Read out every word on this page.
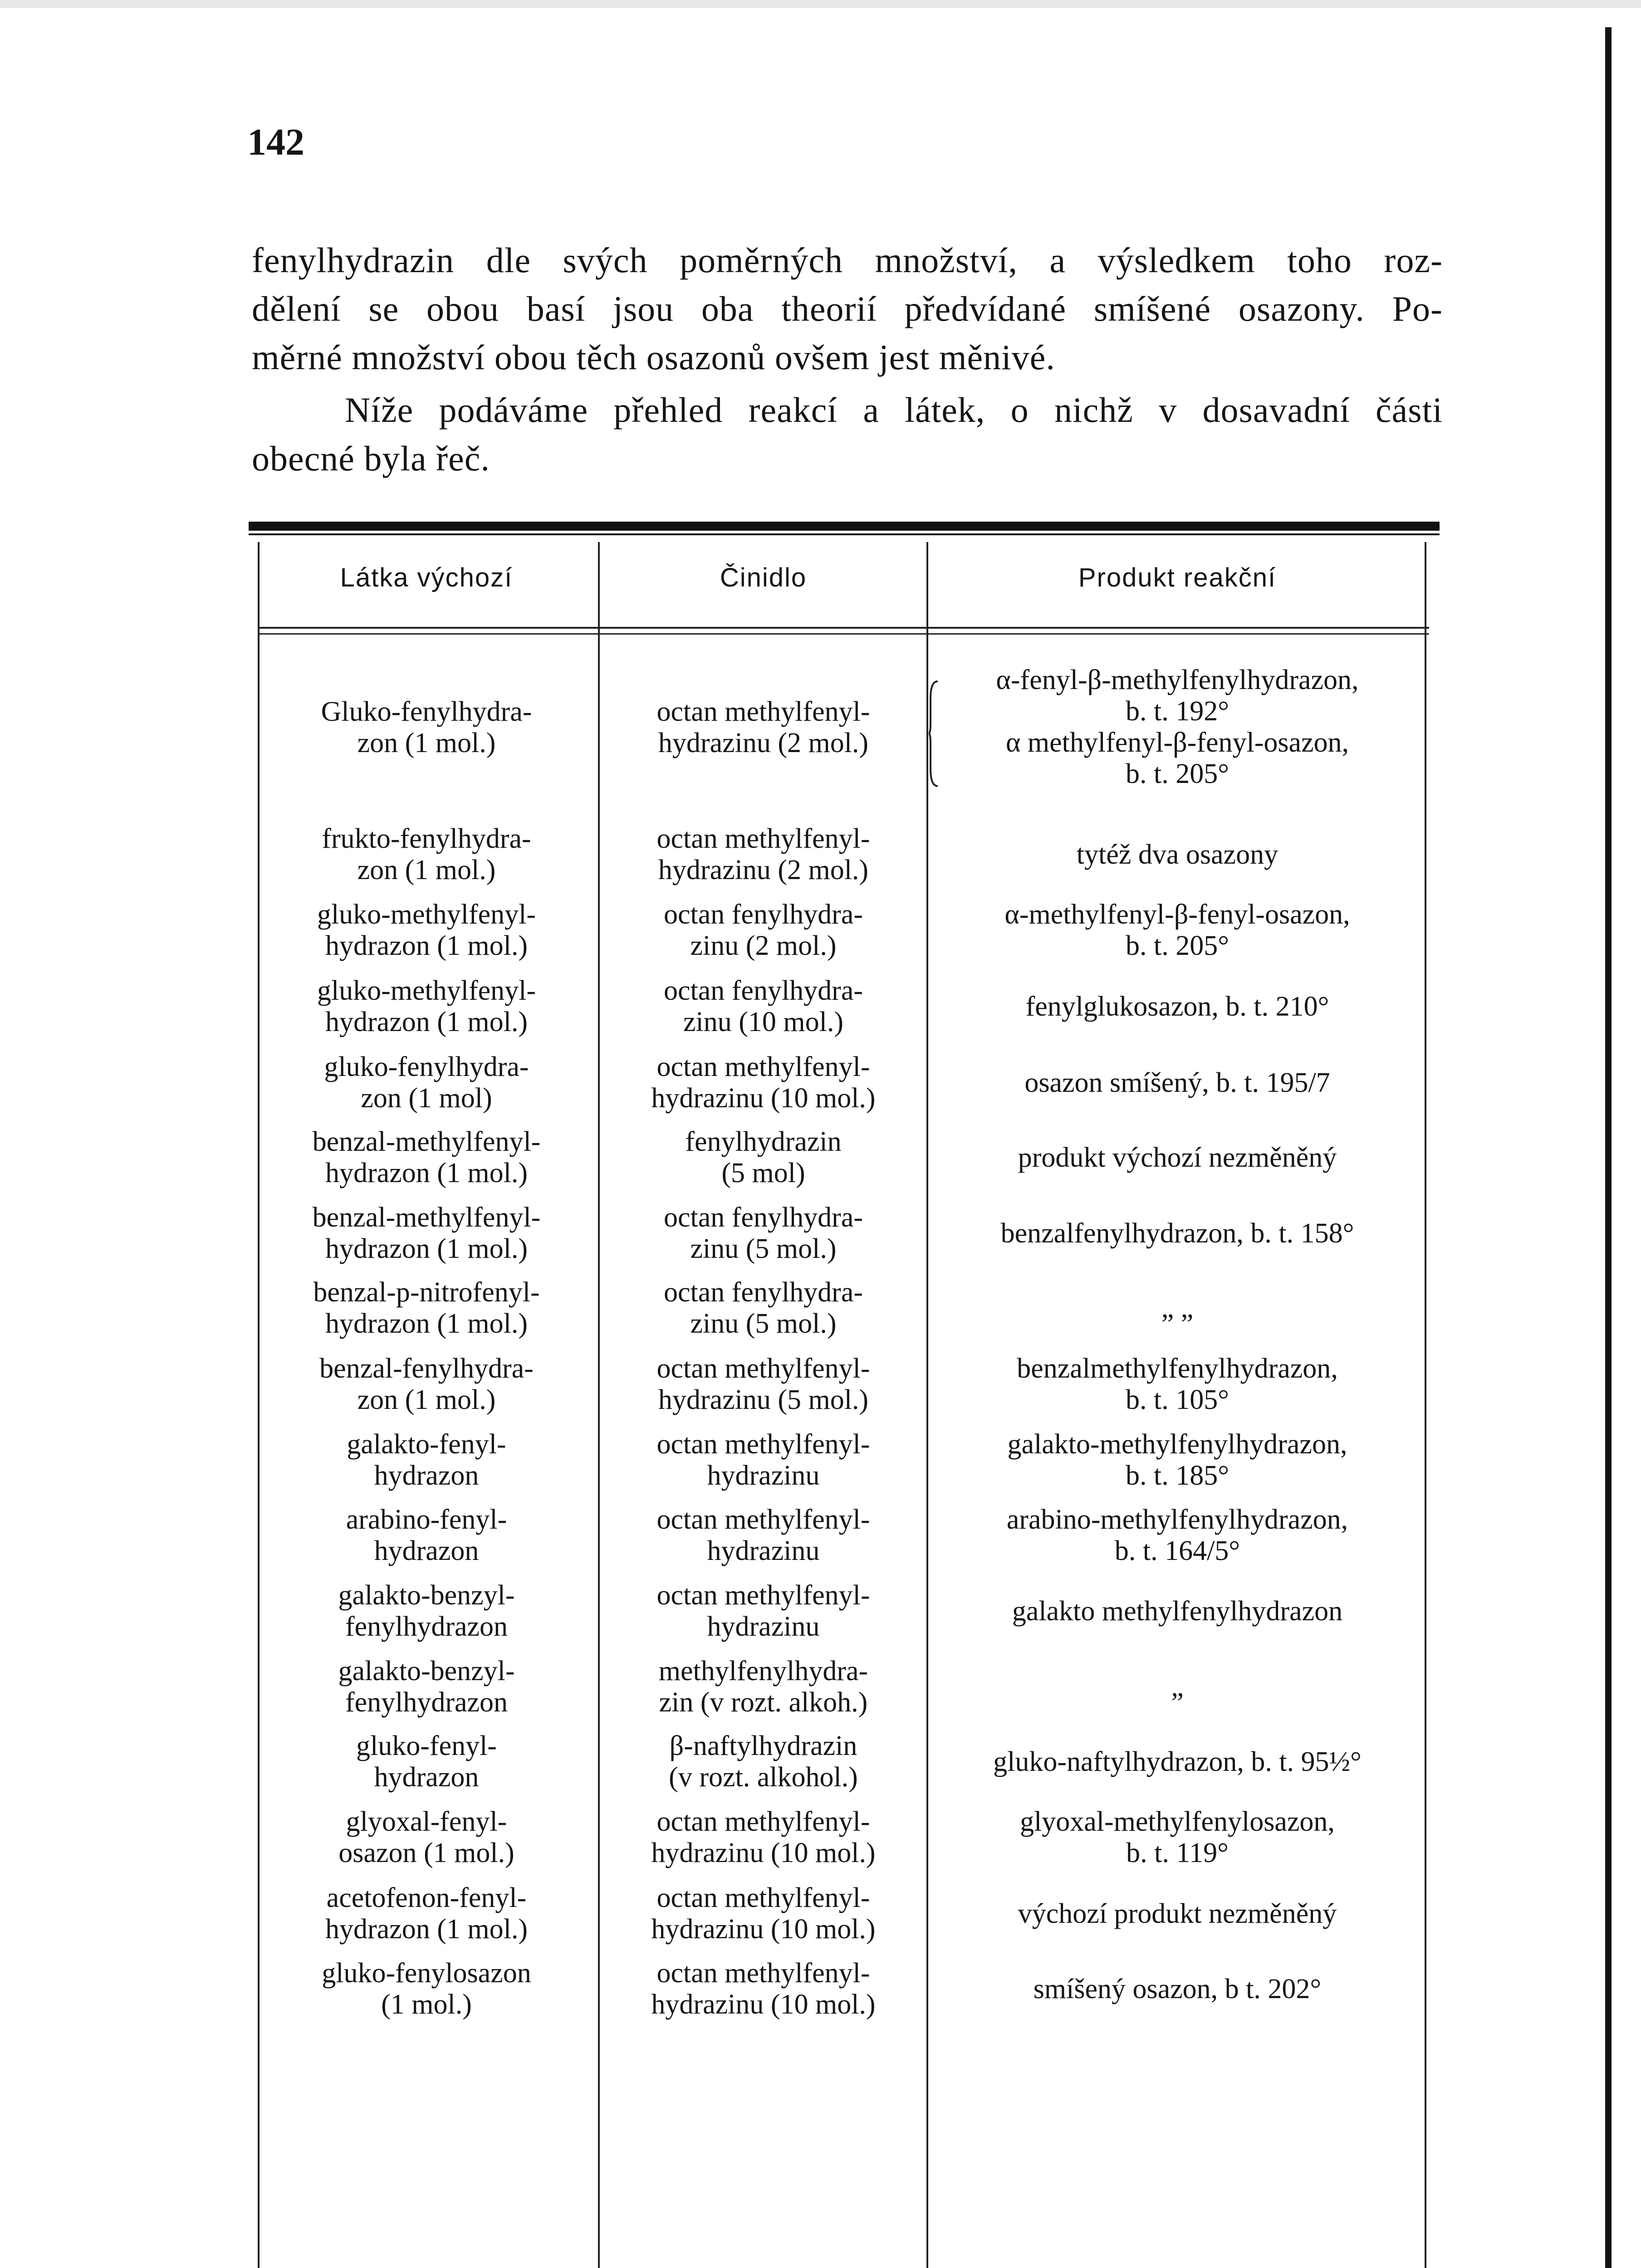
142
fenylhydrazin dle svých poměrných množství, a výsledkem toho roz-
dělení se obou basí jsou oba theorií předvídané smíšené osazony. Po-
měrné množství obou těch osazonů ovšem jest měnivé.
Níže podáváme přehled reakcí a látek, o nichž v dosavadní části
obecné byla řeč.
Látka výchozí	Činidlo	Produkt reakční
Gluko-fenylhydra-
zon (1 mol.)
octan methylfenyl-
hydrazinu (2 mol.)
α-fenyl-β-methylfenylhydrazon,
b. t. 192°
α methylfenyl-β-fenyl-osazon,
b. t. 205°
frukto-fenylhydra-
zon (1 mol.)
octan methylfenyl-
hydrazinu (2 mol.)
tytéž dva osazony
gluko-methylfenyl-
hydrazon (1 mol.)
octan fenylhydra-
zinu (2 mol.)
α-methylfenyl-β-fenyl-osazon,
b. t. 205°
gluko-methylfenyl-
hydrazon (1 mol.)
octan fenylhydra-
zinu (10 mol.)
fenylglukosazon, b. t. 210°
gluko-fenylhydra-
zon (1 mol)
octan methylfenyl-
hydrazinu (10 mol.)
osazon smíšený, b. t. 195/7
benzal-methylfenyl-
hydrazon (1 mol.)
fenylhydrazin
(5 mol)
produkt výchozí nezměněný
benzal-methylfenyl-
hydrazon (1 mol.)
octan fenylhydra-
zinu (5 mol.)
benzalfenylhydrazon, b. t. 158°
benzal-p-nitrofenyl-
hydrazon (1 mol.)
octan fenylhydra-
zinu (5 mol.)
„ „
benzal-fenylhydra-
zon (1 mol.)
octan methylfenyl-
hydrazinu (5 mol.)
benzalmethylfenylhydrazon,
b. t. 105°
galakto-fenyl-
hydrazon
octan methylfenyl-
hydrazinu
galakto-methylfenylhydrazon,
b. t. 185°
arabino-fenyl-
hydrazon
octan methylfenyl-
hydrazinu
arabino-methylfenylhydrazon,
b. t. 164/5°
galakto-benzyl-
fenylhydrazon
octan methylfenyl-
hydrazinu
galakto methylfenylhydrazon
galakto-benzyl-
fenylhydrazon
methylfenylhydra-
zin (v rozt. alkoh.)
„
gluko-fenyl-
hydrazon
β-naftylhydrazin
(v rozt. alkohol.)
gluko-naftylhydrazon, b. t. 95½°
glyoxal-fenyl-
osazon (1 mol.)
octan methylfenyl-
hydrazinu (10 mol.)
glyoxal-methylfenylosazon,
b. t. 119°
acetofenon-fenyl-
hydrazon (1 mol.)
octan methylfenyl-
hydrazinu (10 mol.)
výchozí produkt nezměněný
gluko-fenylosazon
(1 mol.)
octan methylfenyl-
hydrazinu (10 mol.)
smíšený osazon, b t. 202°
